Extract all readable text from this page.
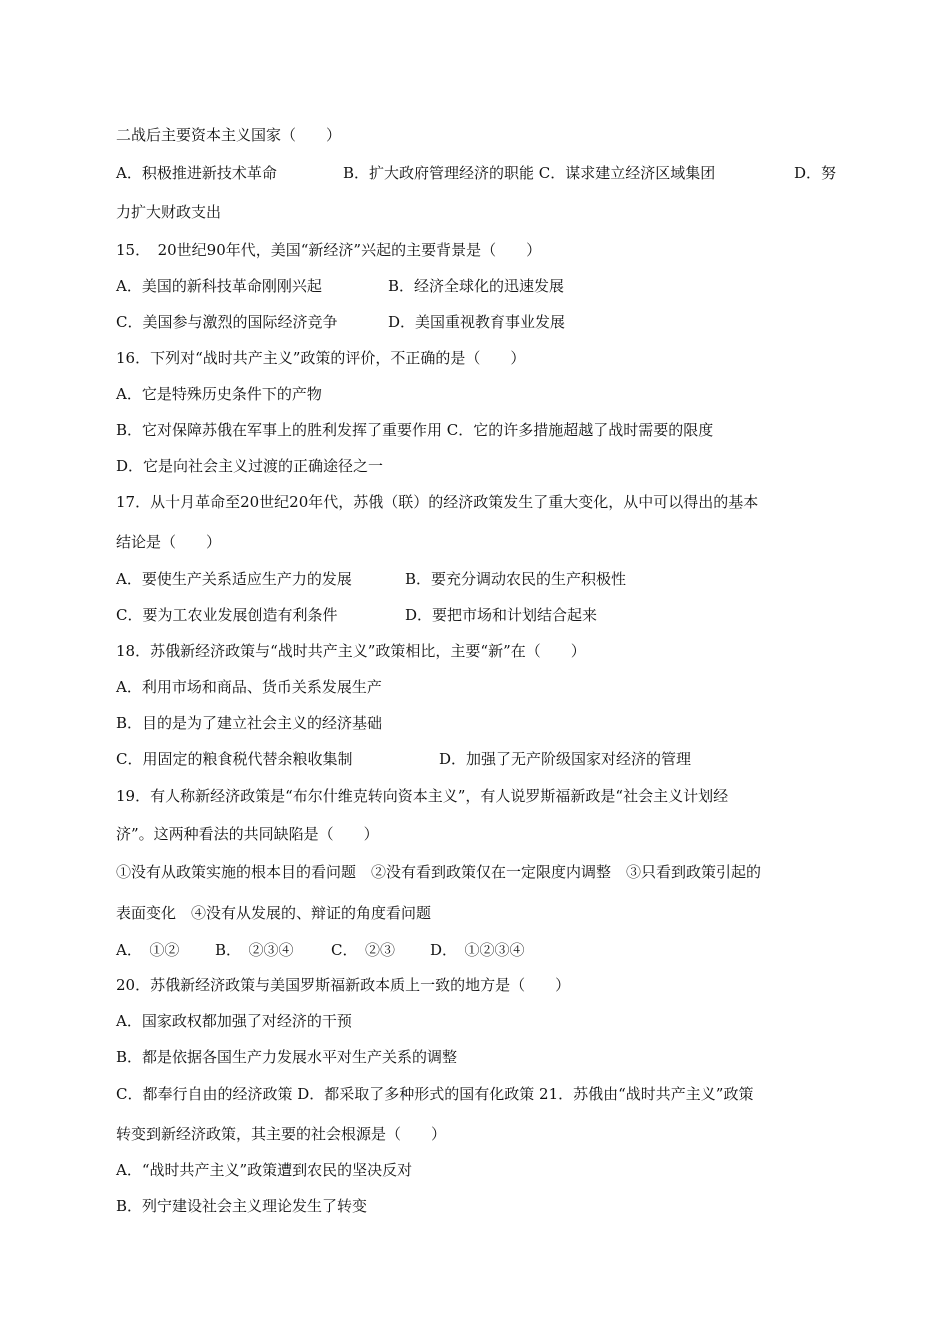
二战后主要资本主义国家（　　）
A．积极推进新技术革命	B．扩大政府管理经济的职能 C．谋求建立经济区域集团	D．努
力扩大财政支出
15．　20世纪90年代，美国“新经济”兴起的主要背景是（　　）
A．美国的新科技革命刚刚兴起	B．经济全球化的迅速发展
C．美国参与激烈的国际经济竞争	D．美国重视教育事业发展
16．下列对“战时共产主义”政策的评价，不正确的是（　　）
A．它是特殊历史条件下的产物
B．它对保障苏俄在军事上的胜利发挥了重要作用 C．它的许多措施超越了战时需要的限度
D．它是向社会主义过渡的正确途径之一
17．从十月革命至20世纪20年代，苏俄（联）的经济政策发生了重大变化，从中可以得出的基本
结论是（　　）
A．要使生产关系适应生产力的发展	B．要充分调动农民的生产积极性
C．要为工农业发展创造有利条件	D．要把市场和计划结合起来
18．苏俄新经济政策与“战时共产主义”政策相比，主要“新”在（　　）
A．利用市场和商品、货币关系发展生产
B．目的是为了建立社会主义的经济基础
C．用固定的粮食税代替余粮收集制	D．加强了无产阶级国家对经济的管理
19．有人称新经济政策是“布尔什维克转向资本主义”，有人说罗斯福新政是“社会主义计划经
济”。这两种看法的共同缺陷是（　　）
①没有从政策实施的根本目的看问题　②没有看到政策仅在一定限度内调整　③只看到政策引起的
表面变化　④没有从发展的、辩证的角度看问题
A．　①② B．　②③④ C．　②③ D．　①②③④
20．苏俄新经济政策与美国罗斯福新政本质上一致的地方是（　　）
A．国家政权都加强了对经济的干预
B．都是依据各国生产力发展水平对生产关系的调整
C．都奉行自由的经济政策 D．都采取了多种形式的国有化政策 21．苏俄由“战时共产主义”政策
转变到新经济政策，其主要的社会根源是（　　）
A．“战时共产主义”政策遭到农民的坚决反对
B．列宁建设社会主义理论发生了转变
